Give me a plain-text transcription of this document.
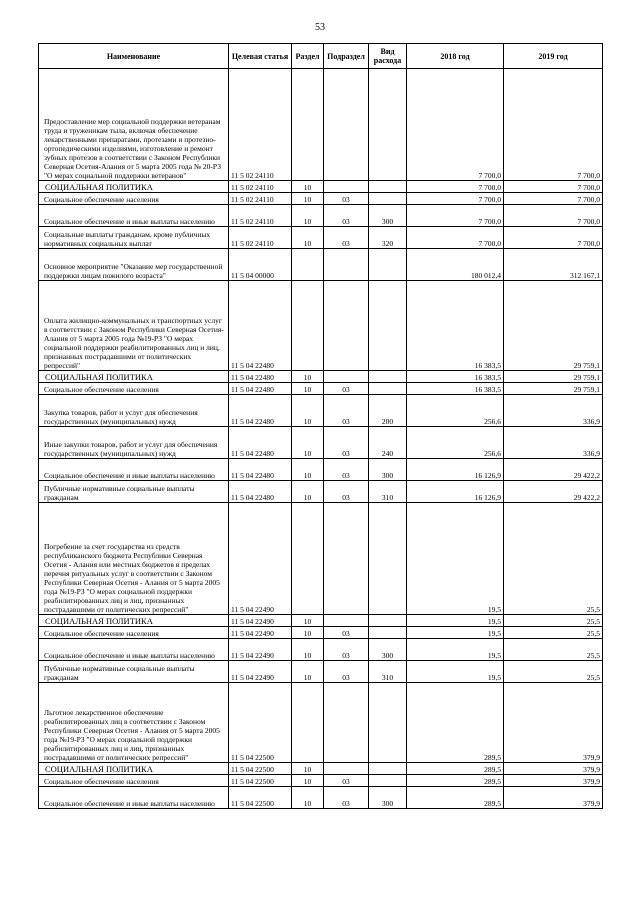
53
Наименование	Целевая статья	Раздел	Подраздел	Вид расхода	2018 год	2019 год
Предоставление мер социальной поддержки ветеранам труда и труженикам тыла, включая обеспечение лекарственными препаратами, протезами и протезно-ортопедическими изделиями, изготовление и ремонт зубных протезов в соответствии с Законом Республики Северная Осетия-Алания от 5 марта 2005 года № 20-РЗ "О мерах социальной поддержки ветеранов"	11 5 02 24110				7 700,0	7 700,0
СОЦИАЛЬНАЯ ПОЛИТИКА	11 5 02 24110	10			7 700,0	7 700,0
Социальное обеспечение населения	11 5 02 24110	10	03		7 700,0	7 700,0
Социальное обеспечение и иные выплаты населению	11 5 02 24110	10	03	300	7 700,0	7 700,0
Социальные выплаты гражданам, кроме публичных нормативных социальных выплат	11 5 02 24110	10	03	320	7 700,0	7 700,0
Основное мероприятие "Оказание мер государственной поддержки лицам пожилого возраста"	11 5 04 00000				180 012,4	312 167,1
Оплата жилищно-коммунальных и транспортных услуг в соответствии с Законом Республики Северная Осетия-Алания от 5 марта 2005 года №19-РЗ "О мерах социальной поддержки реабилитированных лиц и лиц, признанных пострадавшими от политических репрессий"	11 5 04 22480				16 383,5	29 759,1
СОЦИАЛЬНАЯ ПОЛИТИКА	11 5 04 22480	10			16 383,5	29 759,1
Социальное обеспечение населения	11 5 04 22480	10	03		16 383,5	29 759,1
Закупка товаров, работ и услуг для обеспечения государственных (муниципальных) нужд	11 5 04 22480	10	03	200	256,6	336,9
Иные закупки товаров, работ и услуг для обеспечения государственных (муниципальных) нужд	11 5 04 22480	10	03	240	256,6	336,9
Социальное обеспечение и иные выплаты населению	11 5 04 22480	10	03	300	16 126,9	29 422,2
Публичные нормативные социальные выплаты гражданам	11 5 04 22480	10	03	310	16 126,9	29 422,2
Погребение за счет государства из средств республиканского бюджета Республики Северная Осетия - Алания или местных бюджетов в пределах перечня ритуальных услуг в соответствии с Законом Республики Северная Осетия - Алания от 5 марта 2005 года №19-РЗ "О мерах социальной поддержки реабилитированных лиц и лиц, признанных пострадавшими от политических репрессий"	11 5 04 22490				19,5	25,5
СОЦИАЛЬНАЯ ПОЛИТИКА	11 5 04 22490	10			19,5	25,5
Социальное обеспечение населения	11 5 04 22490	10	03		19,5	25,5
Социальное обеспечение и иные выплаты населению	11 5 04 22490	10	03	300	19,5	25,5
Публичные нормативные социальные выплаты гражданам	11 5 04 22490	10	03	310	19,5	25,5
Льготное лекарственное обеспечение реабилитированных лиц в соответствии с Законом Республики Северная Осетия - Алания от 5 марта 2005 года №19-РЗ "О мерах социальной поддержки реабилитированных лиц и лиц, признанных пострадавшими от политических репрессий"	11 5 04 22500				289,5	379,9
СОЦИАЛЬНАЯ ПОЛИТИКА	11 5 04 22500	10			289,5	379,9
Социальное обеспечение населения	11 5 04 22500	10	03		289,5	379,9
Социальное обеспечение и иные выплаты населению	11 5 04 22500	10	03	300	289,5	379,9
